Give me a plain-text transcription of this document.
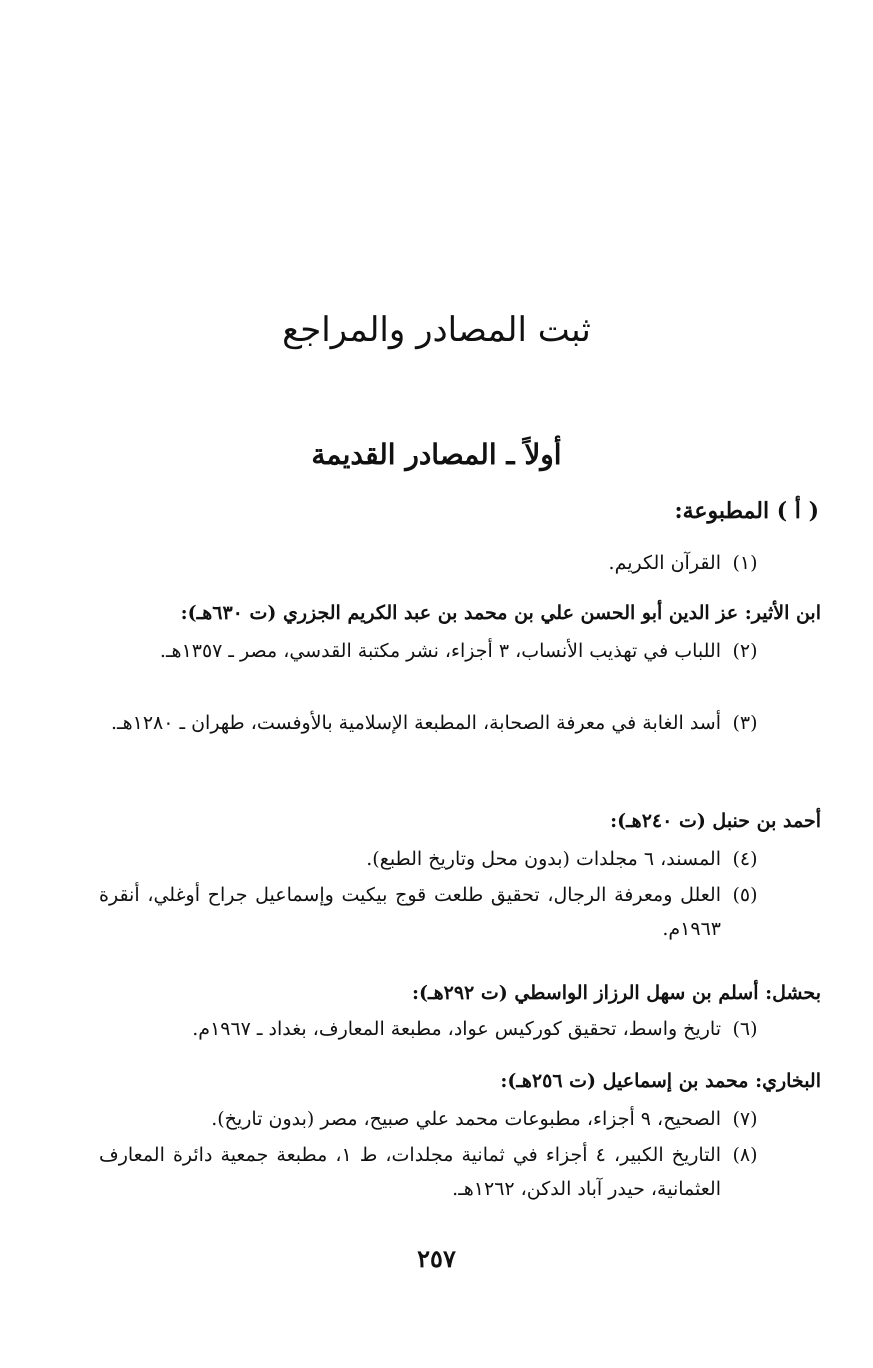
ثبت المصادر والمراجع
أولاً ـ المصادر القديمة
( أ ) المطبوعة:
(١)
القرآن الكريم.
ابن الأثير: عز الدين أبو الحسن علي بن محمد بن عبد الكريم الجزري (ت ٦٣٠هـ):
(٢)
اللباب في تهذيب الأنساب، ٣ أجزاء، نشر مكتبة القدسي، مصر ـ ١٣٥٧هـ.
(٣)
أسد الغابة في معرفة الصحابة، المطبعة الإسلامية بالأوفست، طهران ـ ١٢٨٠هـ.
أحمد بن حنبل (ت ٢٤٠هـ):
(٤)
المسند، ٦ مجلدات (بدون محل وتاريخ الطبع).
(٥)
العلل ومعرفة الرجال، تحقيق طلعت قوج بيكيت وإسماعيل جراح أوغلي، أنقرة ١٩٦٣م.
بحشل: أسلم بن سهل الرزاز الواسطي (ت ٢٩٢هـ):
(٦)
تاريخ واسط، تحقيق كوركيس عواد، مطبعة المعارف، بغداد ـ ١٩٦٧م.
البخاري: محمد بن إسماعيل (ت ٢٥٦هـ):
(٧)
الصحيح، ٩ أجزاء، مطبوعات محمد علي صبيح، مصر (بدون تاريخ).
(٨)
التاريخ الكبير، ٤ أجزاء في ثمانية مجلدات، ط ١، مطبعة جمعية دائرة المعارف العثمانية، حيدر آباد الدكن، ١٢٦٢هـ.
٢٥٧
